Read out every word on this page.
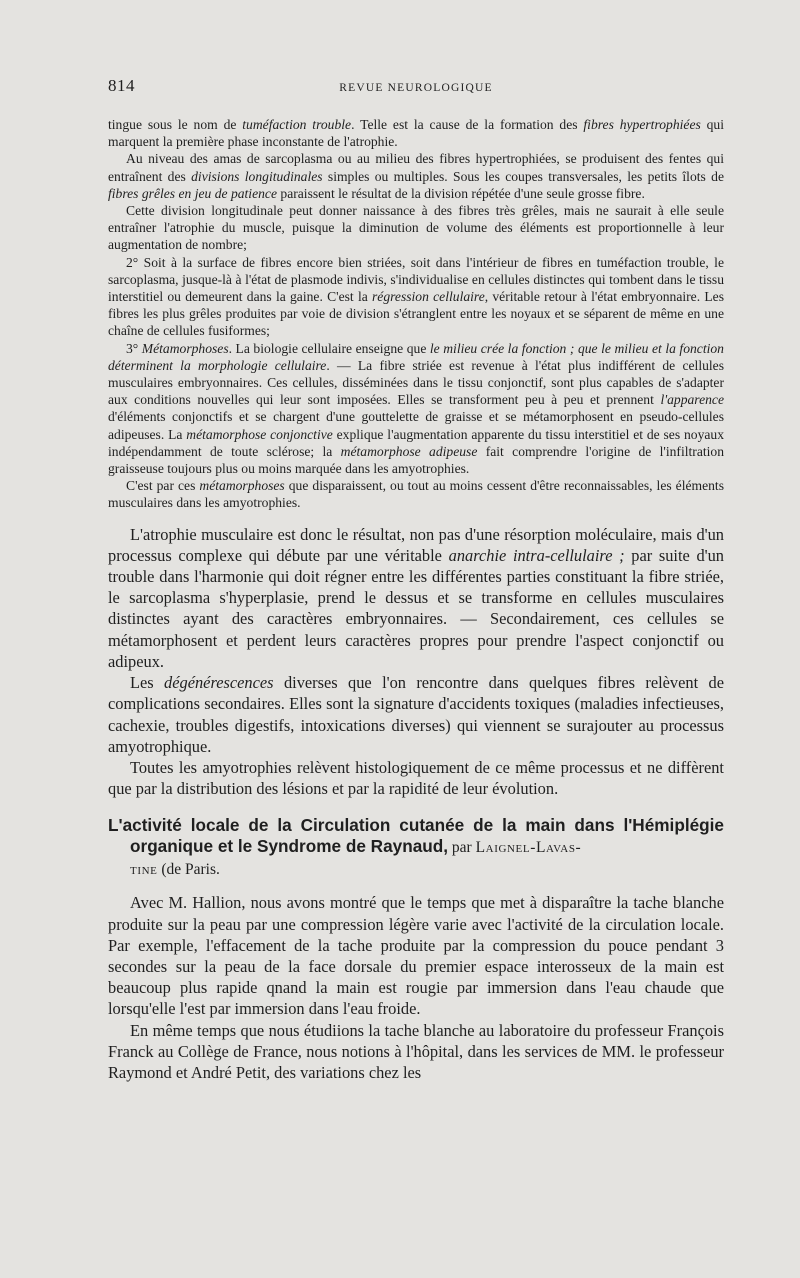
814	REVUE NEUROLOGIQUE

tingue sous le nom de tuméfaction trouble. Telle est la cause de la formation des fibres hypertrophiées qui marquent la première phase inconstante de l'atrophie.

Au niveau des amas de sarcoplasma ou au milieu des fibres hypertrophiées, se produisent des fentes qui entraînent des divisions longitudinales simples ou multiples. Sous les coupes transversales, les petits îlots de fibres grêles en jeu de patience paraissent le résultat de la division répétée d'une seule grosse fibre.

Cette division longitudinale peut donner naissance à des fibres très grêles, mais ne saurait à elle seule entraîner l'atrophie du muscle, puisque la diminution de volume des éléments est proportionnelle à leur augmentation de nombre;

2° Soit à la surface de fibres encore bien striées, soit dans l'intérieur de fibres en tuméfaction trouble, le sarcoplasma, jusque-là à l'état de plasmode indivis, s'individualise en cellules distinctes qui tombent dans le tissu interstitiel ou demeurent dans la gaine. C'est la régression cellulaire, véritable retour à l'état embryonnaire. Les fibres les plus grêles produites par voie de division s'étranglent entre les noyaux et se séparent de même en une chaîne de cellules fusiformes;

3° Métamorphoses. La biologie cellulaire enseigne que le milieu crée la fonction ; que le milieu et la fonction déterminent la morphologie cellulaire. — La fibre striée est revenue à l'état plus indifférent de cellules musculaires embryonnaires. Ces cellules, disséminées dans le tissu conjonctif, sont plus capables de s'adapter aux conditions nouvelles qui leur sont imposées. Elles se transforment peu à peu et prennent l'apparence d'éléments conjonctifs et se chargent d'une gouttelette de graisse et se métamorphosent en pseudo-cellules adipeuses. La métamorphose conjonctive explique l'augmentation apparente du tissu interstitiel et de ses noyaux indépendamment de toute sclérose; la métamorphose adipeuse fait comprendre l'origine de l'infiltration graisseuse toujours plus ou moins marquée dans les amyotrophies.

C'est par ces métamorphoses que disparaissent, ou tout au moins cessent d'être reconnaissables, les éléments musculaires dans les amyotrophies.

L'atrophie musculaire est donc le résultat, non pas d'une résorption moléculaire, mais d'un processus complexe qui débute par une véritable anarchie intra-cellulaire ; par suite d'un trouble dans l'harmonie qui doit régner entre les différentes parties constituant la fibre striée, le sarcoplasma s'hyperplasie, prend le dessus et se transforme en cellules musculaires distinctes ayant des caractères embryonnaires. — Secondairement, ces cellules se métamorphosent et perdent leurs caractères propres pour prendre l'aspect conjonctif ou adipeux.

Les dégénérescences diverses que l'on rencontre dans quelques fibres relèvent de complications secondaires. Elles sont la signature d'accidents toxiques (maladies infectieuses, cachexie, troubles digestifs, intoxications diverses) qui viennent se surajouter au processus amyotrophique.

Toutes les amyotrophies relèvent histologiquement de ce même processus et ne diffèrent que par la distribution des lésions et par la rapidité de leur évolution.

L'activité locale de la Circulation cutanée de la main dans l'Hémiplégie organique et le Syndrome de Raynaud, par Laignel-Lavas-
tine (de Paris.

Avec M. Hallion, nous avons montré que le temps que met à disparaître la tache blanche produite sur la peau par une compression légère varie avec l'activité de la circulation locale. Par exemple, l'effacement de la tache produite par la compression du pouce pendant 3 secondes sur la peau de la face dorsale du premier espace interosseux de la main est beaucoup plus rapide qnand la main est rougie par immersion dans l'eau chaude que lorsqu'elle l'est par immersion dans l'eau froide.

En même temps que nous étudiions la tache blanche au laboratoire du professeur François Franck au Collège de France, nous notions à l'hôpital, dans les services de MM. le professeur Raymond et André Petit, des variations chez les
